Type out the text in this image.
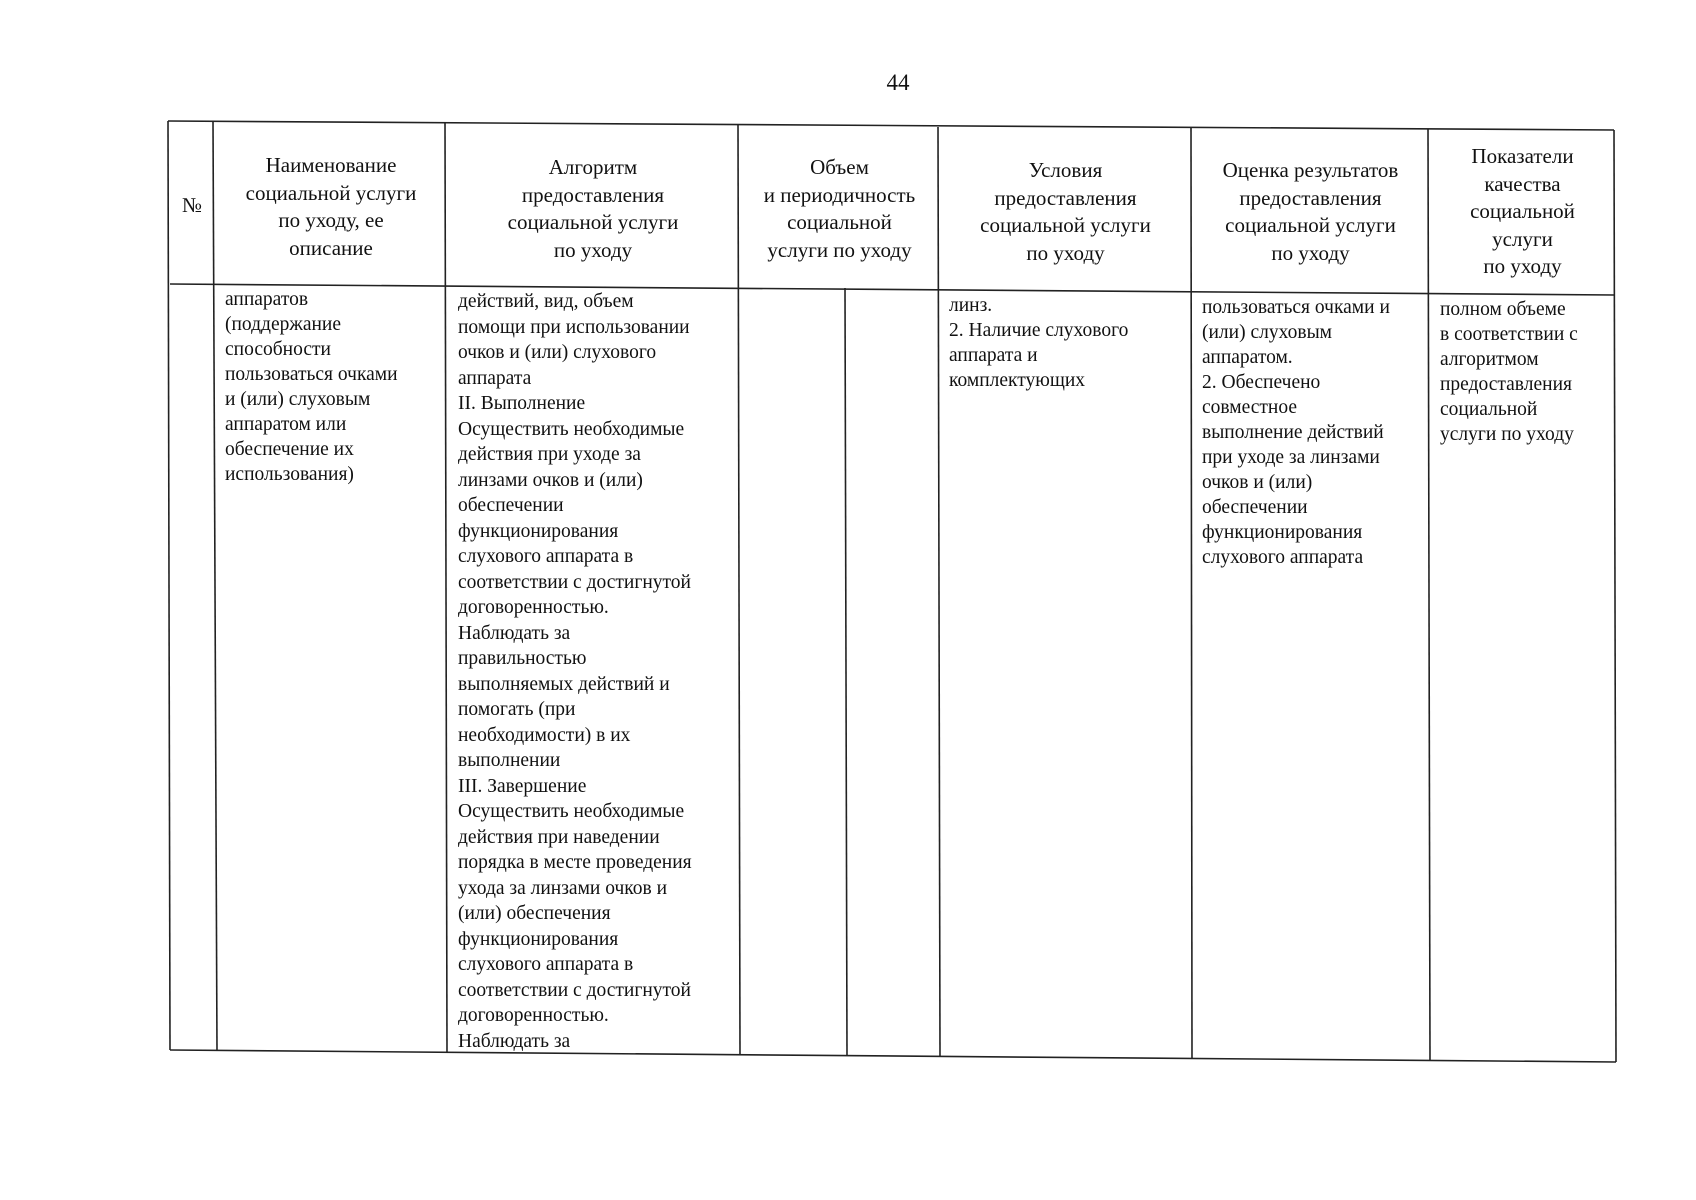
44
№
Наименование
социальной услуги
по уходу, ее
описание
Алгоритм
предоставления
социальной услуги
по уходу
Объем
и периодичность
социальной
услуги по уходу
Условия
предоставления
социальной услуги
по уходу
Оценка результатов
предоставления
социальной услуги
по уходу
Показатели
качества
социальной
услуги
по уходу
аппаратов
(поддержание
способности
пользоваться очками
и (или) слуховым
аппаратом или
обеспечение их
использования)
действий, вид, объем
помощи при использовании
очков и (или) слухового
аппарата
II. Выполнение
Осуществить необходимые
действия при уходе за
линзами очков и (или)
обеспечении
функционирования
слухового аппарата в
соответствии с достигнутой
договоренностью.
Наблюдать за
правильностью
выполняемых действий и
помогать (при
необходимости) в их
выполнении
III. Завершение
Осуществить необходимые
действия при наведении
порядка в месте проведения
ухода за линзами очков и
(или) обеспечения
функционирования
слухового аппарата в
соответствии с достигнутой
договоренностью.
Наблюдать за
линз.
2. Наличие слухового
аппарата и
комплектующих
пользоваться очками и
(или) слуховым
аппаратом.
2. Обеспечено
совместное
выполнение действий
при уходе за линзами
очков и (или)
обеспечении
функционирования
слухового аппарата
полном объеме
в соответствии с
алгоритмом
предоставления
социальной
услуги по уходу
